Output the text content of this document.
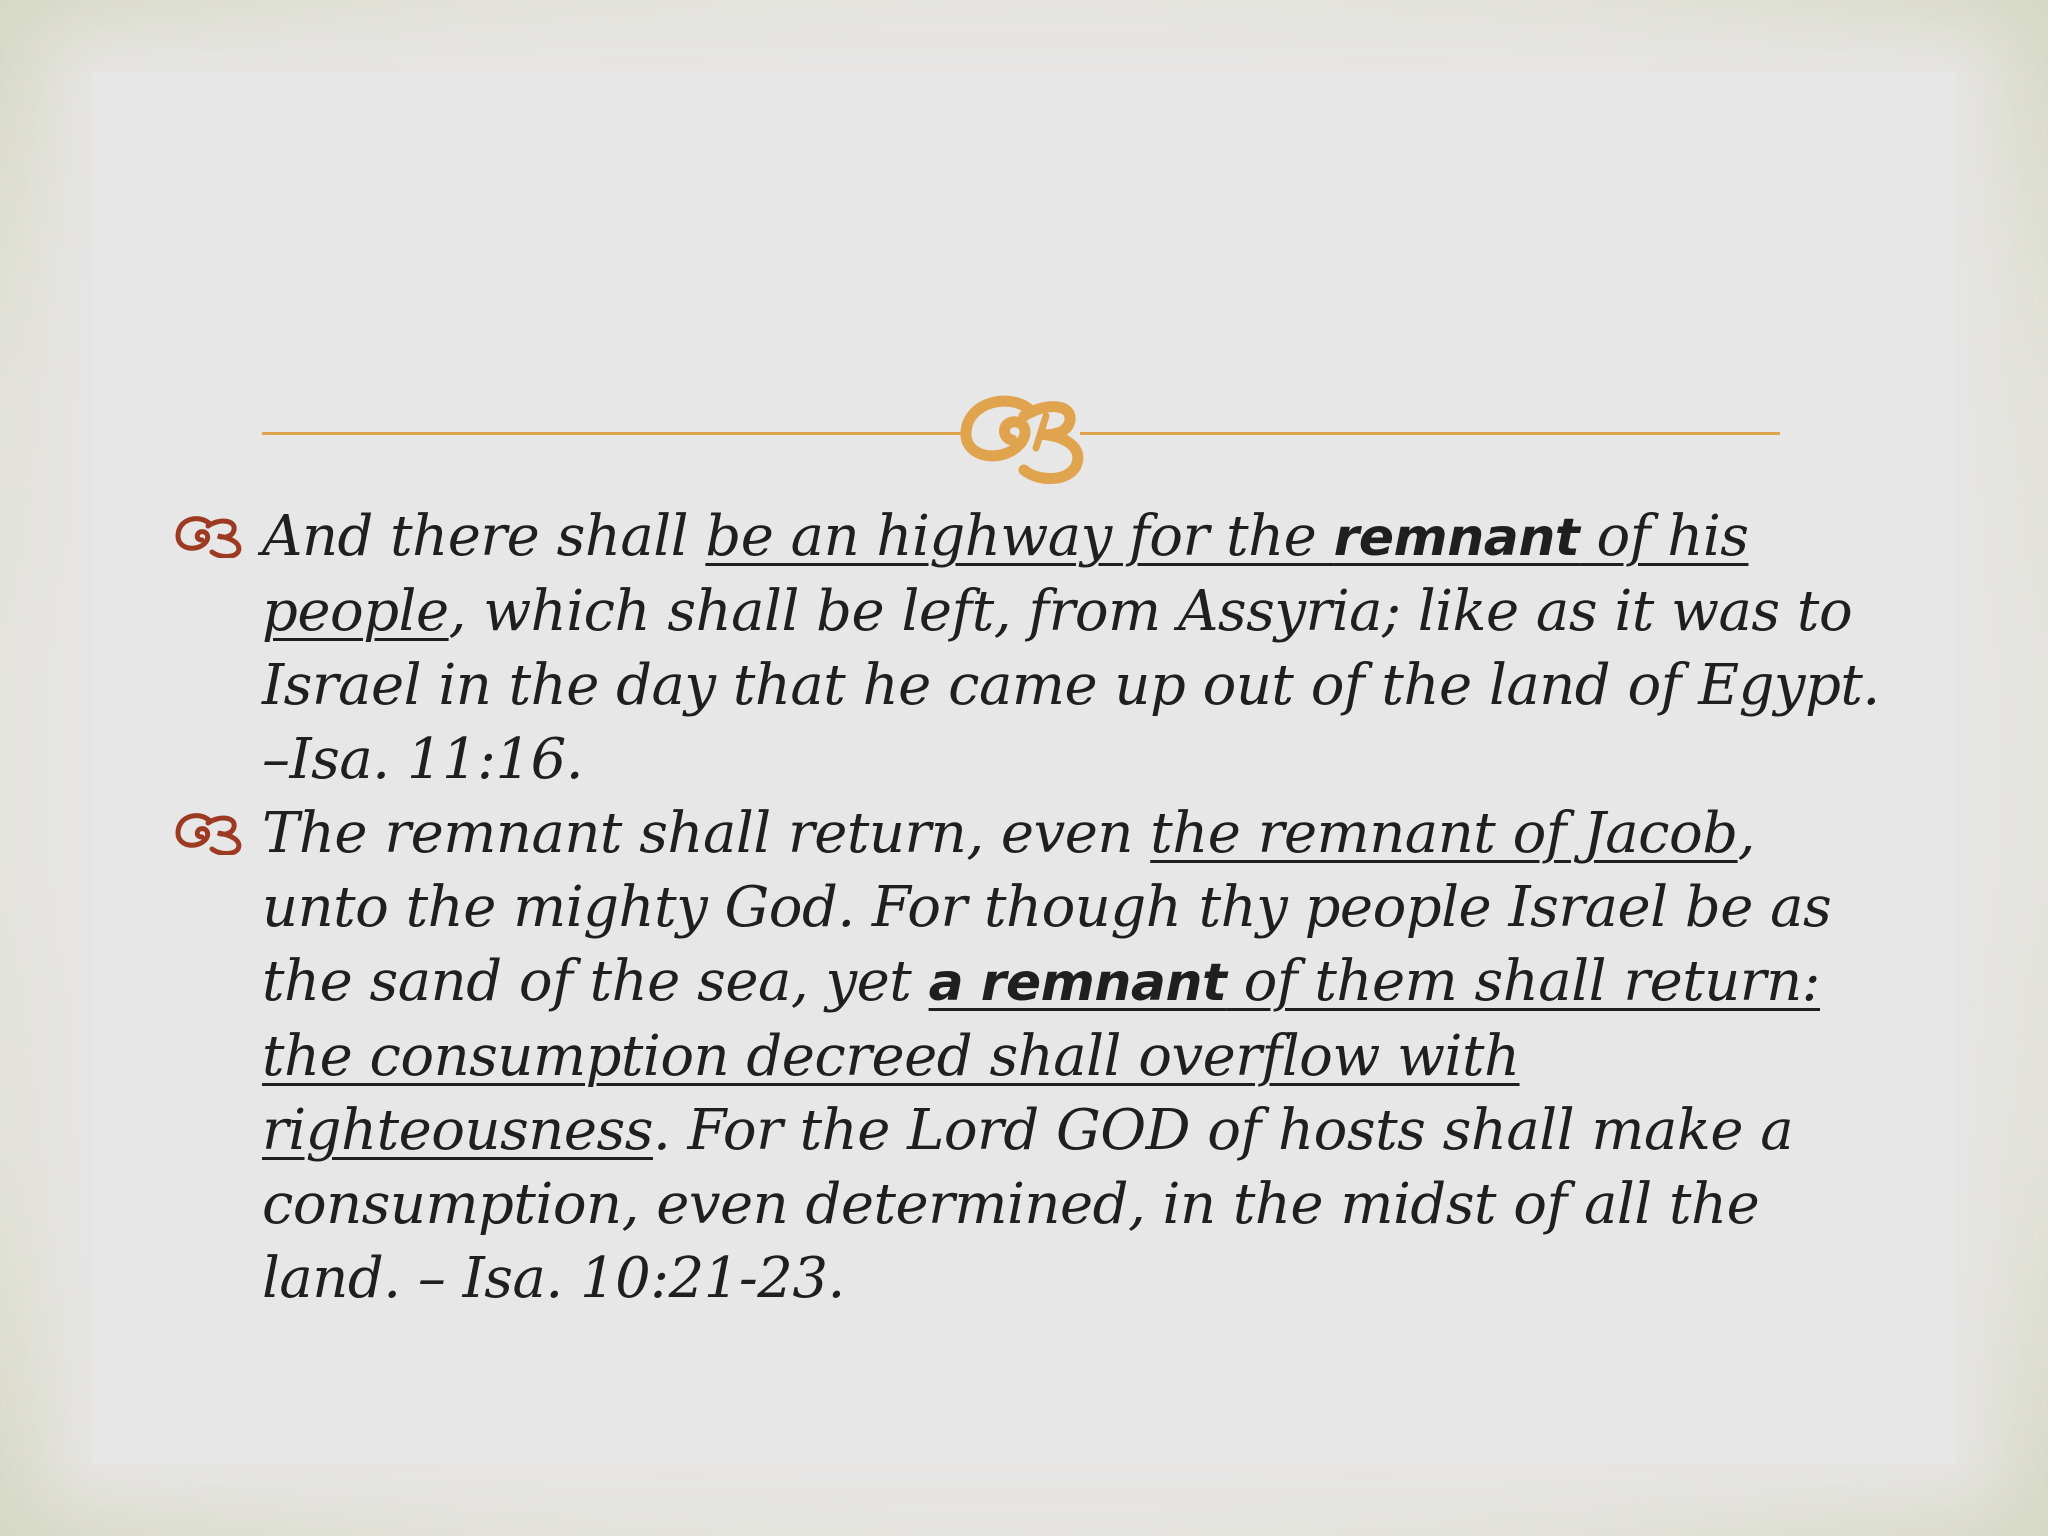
And there shall be an highway for the remnant of his people, which shall be left, from Assyria; like as it was to Israel in the day that he came up out of the land of Egypt. –Isa. 11:16.
The remnant shall return, even the remnant of Jacob, unto the mighty God. For though thy people Israel be as the sand of the sea, yet a remnant of them shall return: the consumption decreed shall overflow with righteousness. For the Lord GOD of hosts shall make a consumption, even determined, in the midst of all the land. – Isa. 10:21-23.
